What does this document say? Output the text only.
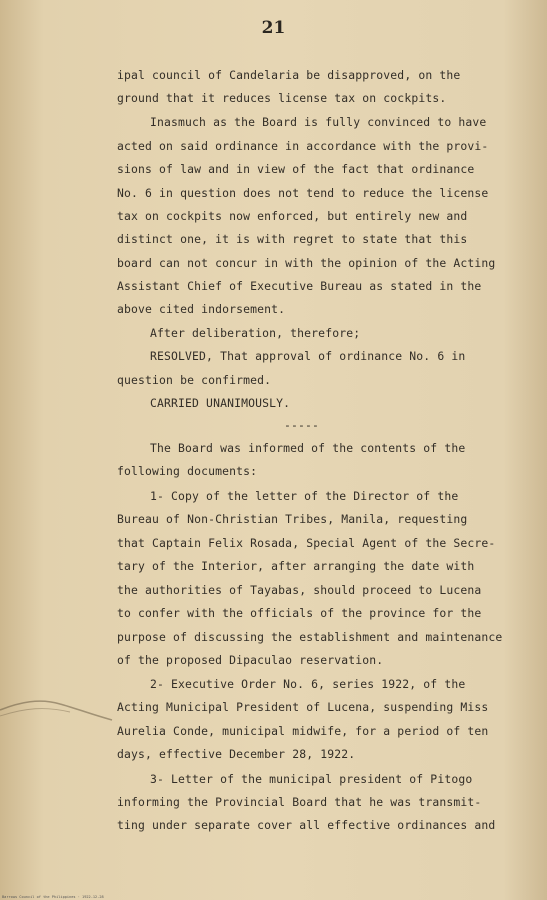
21
ipal council of Candelaria be disapproved, on the
ground that it reduces license tax on cockpits.
Inasmuch as the Board is fully convinced to have
acted on said ordinance in accordance with the provi-
sions of law and in view of the fact that ordinance
No. 6 in question does not tend to reduce the license
tax on cockpits now enforced, but entirely new and
distinct one, it is with regret to state that this
board can not concur in with the opinion of the Acting
Assistant Chief of Executive Bureau as stated in the
above cited indorsement.
After deliberation, therefore;
RESOLVED, That approval of ordinance No. 6 in
question be confirmed.
CARRIED UNANIMOUSLY.
-----
The Board was informed of the contents of the
following documents:
1- Copy of the letter of the Director of the
Bureau of Non-Christian Tribes, Manila, requesting
that Captain Felix Rosada, Special Agent of the Secre-
tary of the Interior, after arranging the date with
the authorities of Tayabas, should proceed to Lucena
to confer with the officials of the province for the
purpose of discussing the establishment and maintenance
of the proposed Dipaculao reservation.
2- Executive Order No. 6, series 1922, of the
Acting Municipal President of Lucena, suspending Miss
Aurelia Conde, municipal midwife, for a period of ten
days, effective December 28, 1922.
3- Letter of the municipal president of Pitogo
informing the Provincial Board that he was transmit-
ting under separate cover all effective ordinances and
Barrows Council of the Philippines · 1922-12-28
